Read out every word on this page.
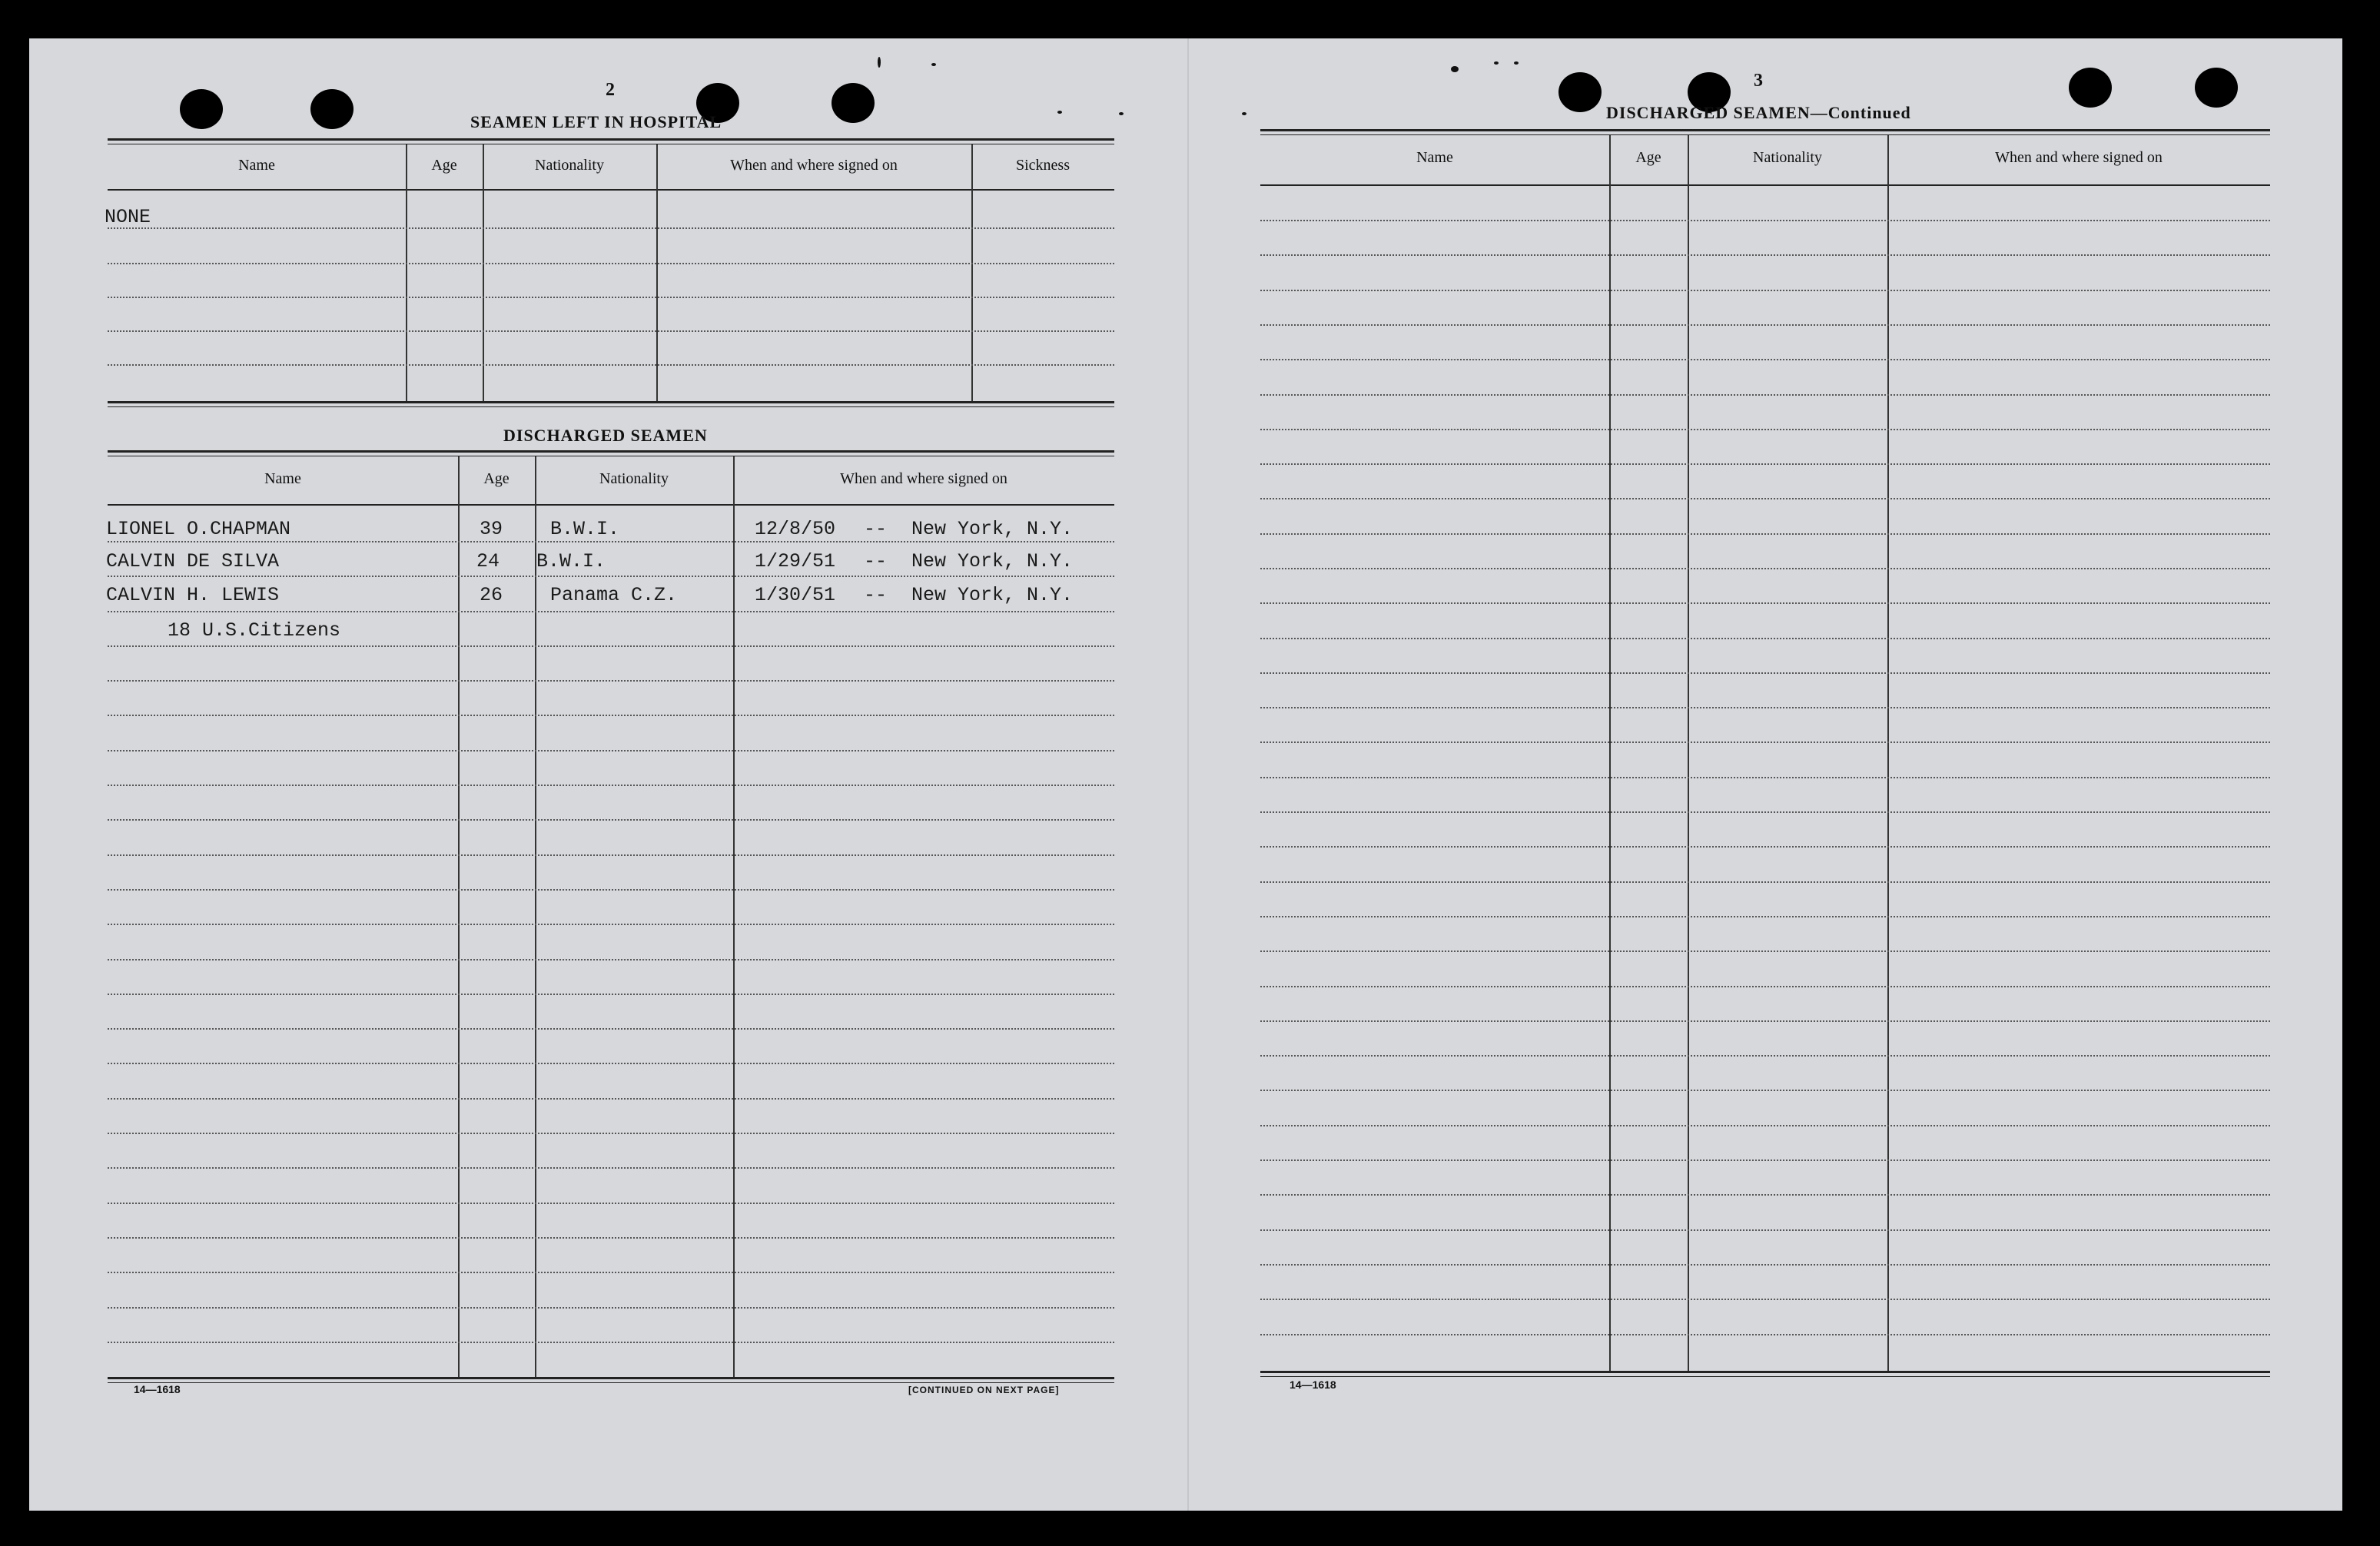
2
SEAMEN LEFT IN HOSPITAL
Name	Age	Nationality	When and where signed on	Sickness
NONE
DISCHARGED SEAMEN
Name	Age	Nationality	When and where signed on
LIONEL O.CHAPMAN	39 B.W.I.	12/8/50 -- New York, N.Y.
CALVIN DE SILVA	24 B.W.I.	1/29/51 -- New York, N.Y.
CALVIN H. LEWIS	26 Panama C.Z.	1/30/51 -- New York, N.Y.
18 U.S.Citizens
14—1618	[CONTINUED ON NEXT PAGE]
3
DISCHARGED SEAMEN—Continued
Name	Age	Nationality	When and where signed on
14—1618
